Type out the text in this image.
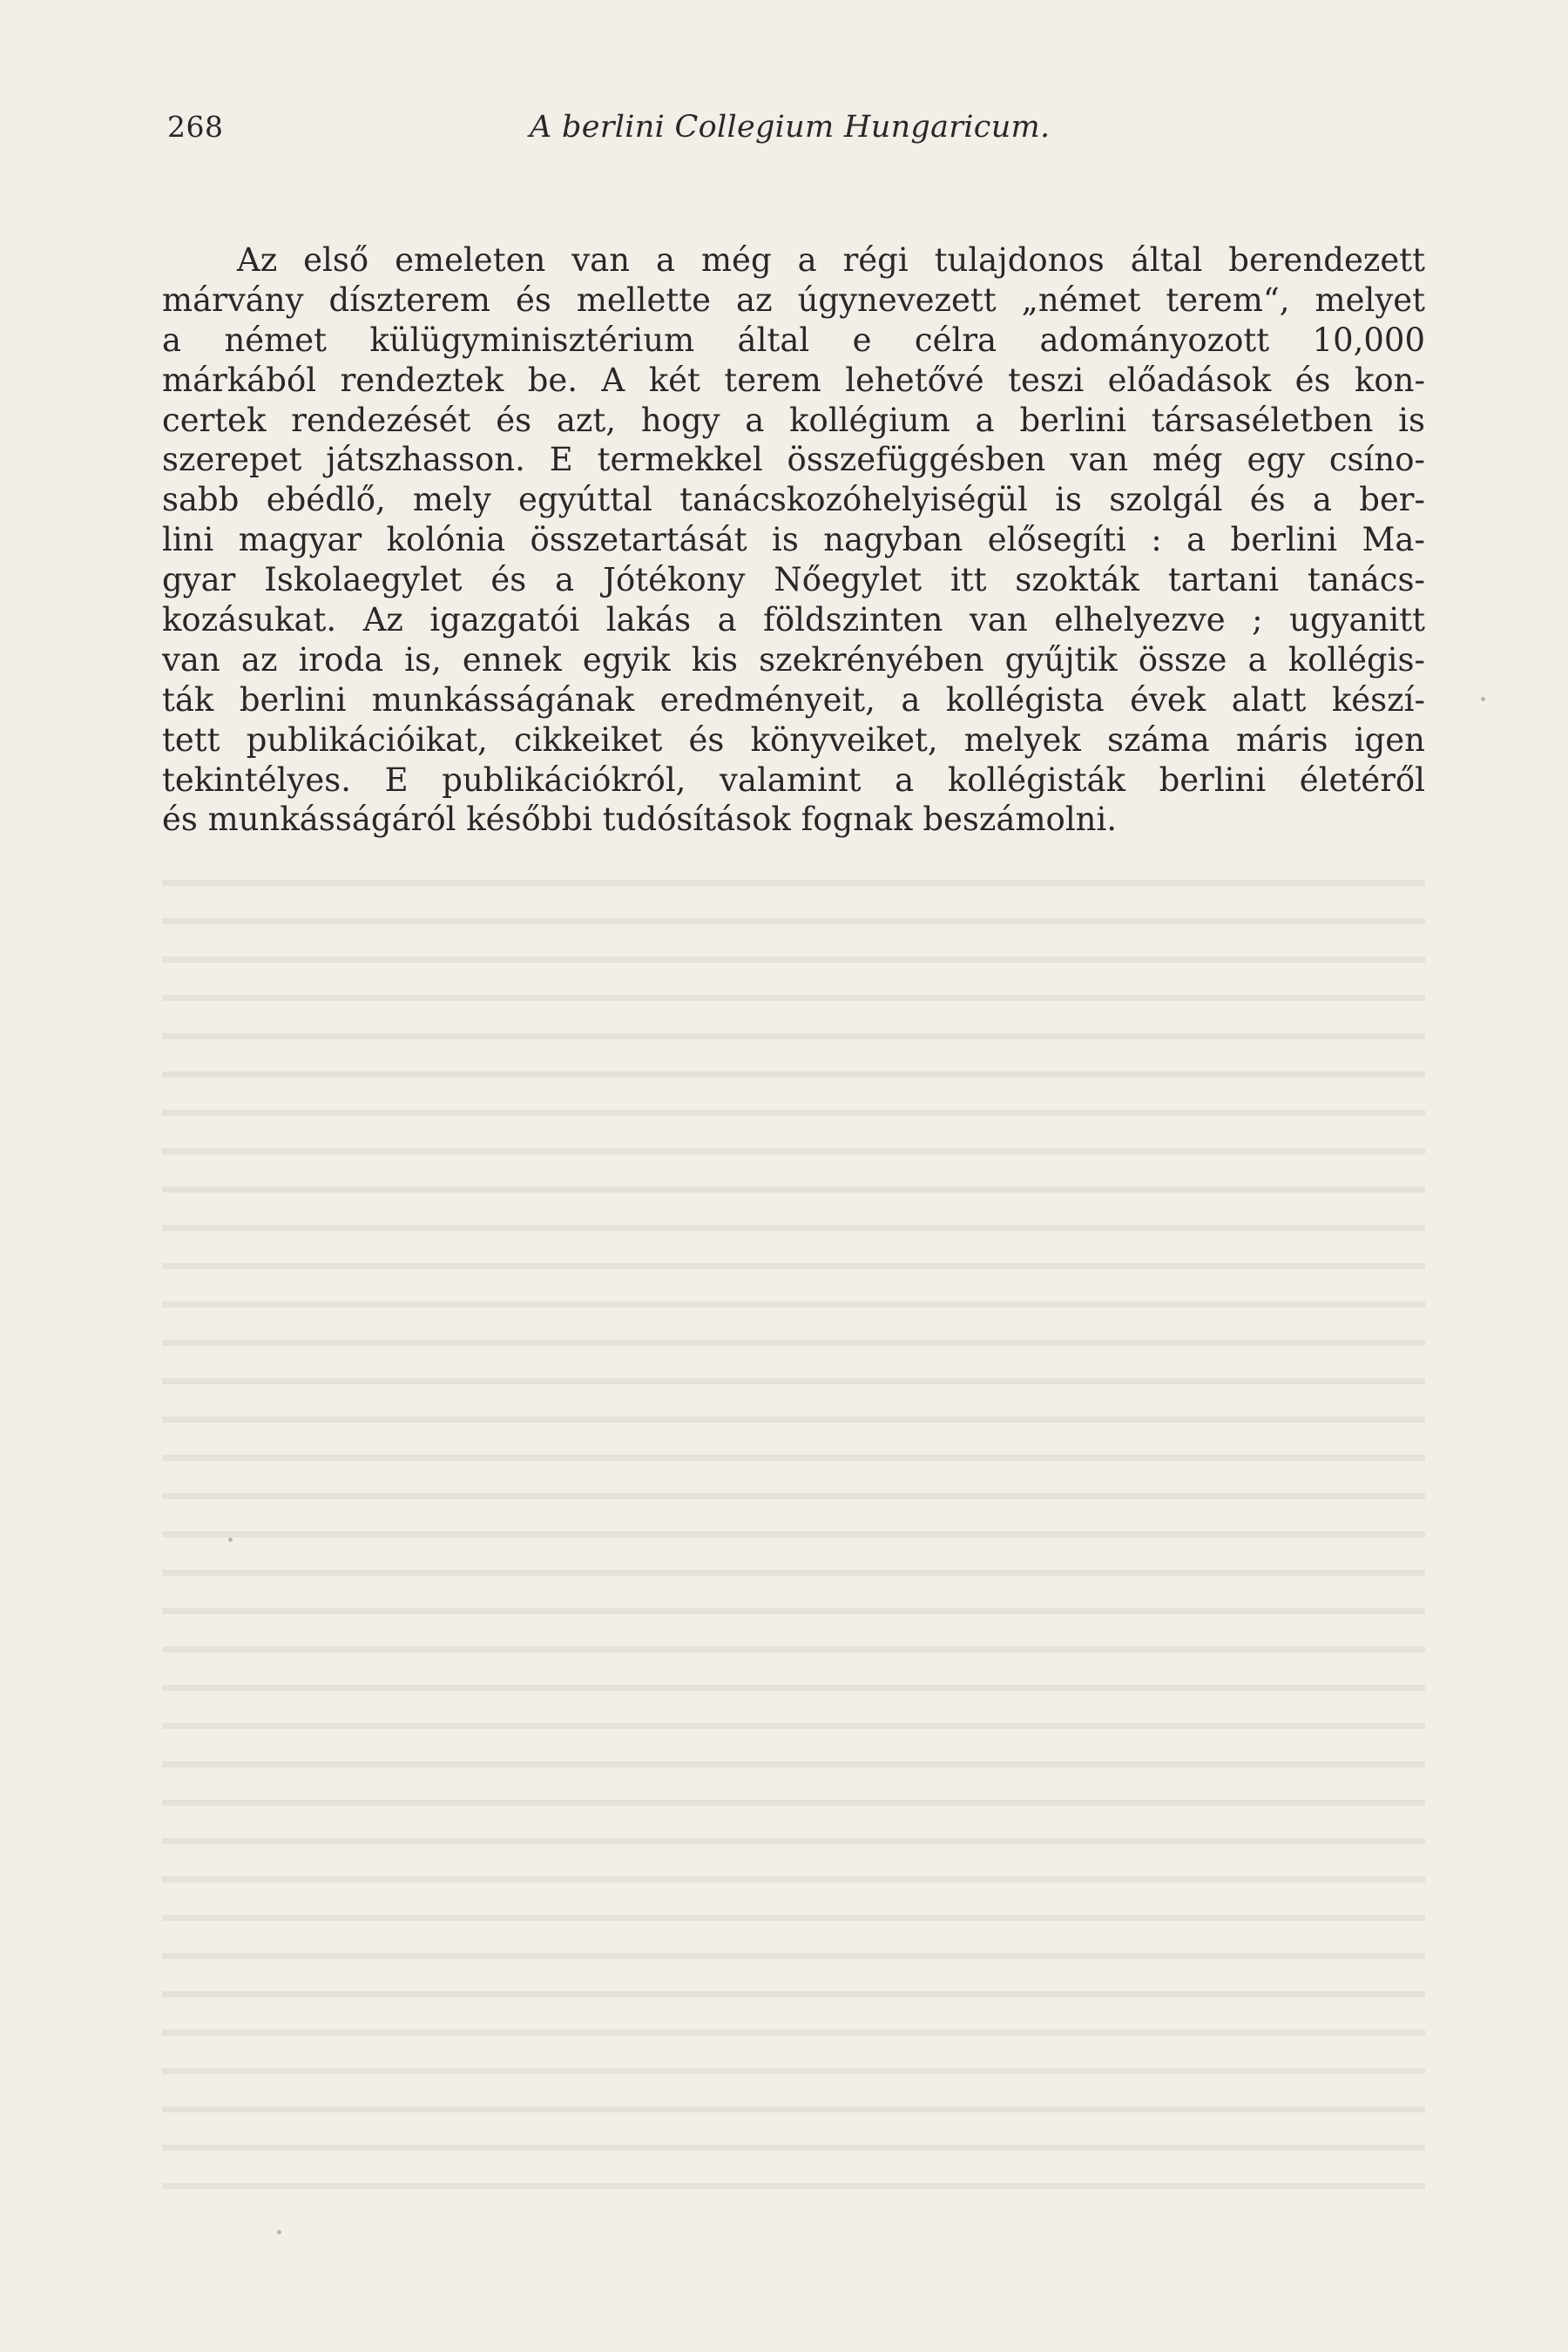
268	A berlini Collegium Hungaricum.
Az első emeleten van a még a régi tulajdonos által berendezett
márvány díszterem és mellette az úgynevezett „német terem“, melyet
a német külügyminisztérium által e célra adományozott 10,000
márkából rendeztek be. A két terem lehetővé teszi előadások és kon-
certek rendezését és azt, hogy a kollégium a berlini társaséletben is
szerepet játszhasson. E termekkel összefüggésben van még egy csíno-
sabb ebédlő, mely egyúttal tanácskozóhelyiségül is szolgál és a ber-
lini magyar kolónia összetartását is nagyban elősegíti : a berlini Ma-
gyar Iskolaegylet és a Jótékony Nőegylet itt szokták tartani tanács-
kozásukat. Az igazgatói lakás a földszinten van elhelyezve ; ugyanitt
van az iroda is, ennek egyik kis szekrényében gyűjtik össze a kollégis-
ták berlini munkásságának eredményeit, a kollégista évek alatt készí-
tett publikációikat, cikkeiket és könyveiket, melyek száma máris igen
tekintélyes. E publikációkról, valamint a kollégisták berlini életéről
és munkásságáról későbbi tudósítások fognak beszámolni.
